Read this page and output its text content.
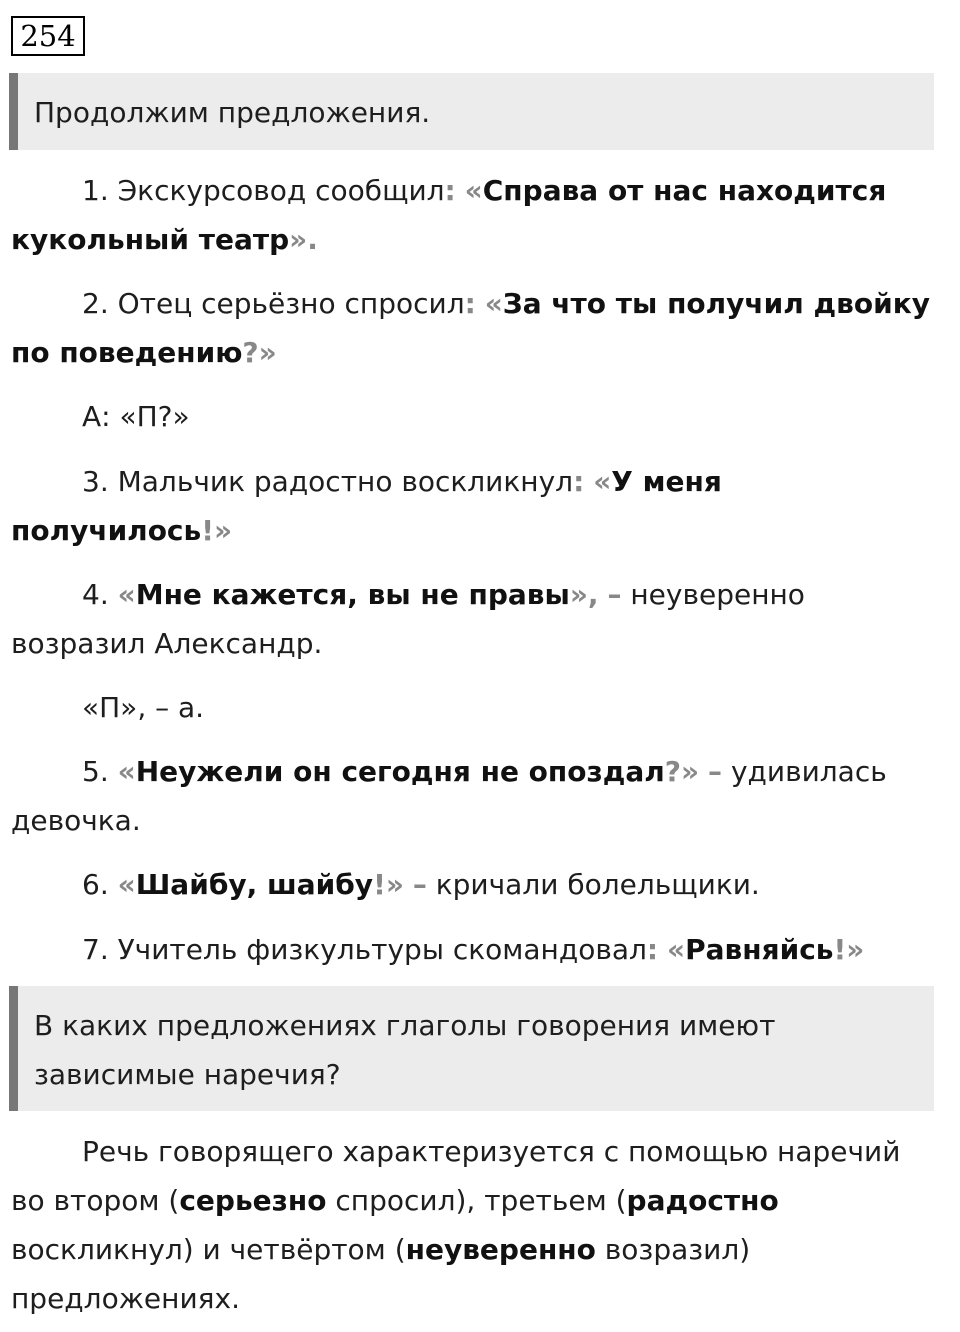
254
Продолжим предложения.
1. Экскурсовод сообщил: «Справа от нас находится
кукольный театр».
2. Отец серьёзно спросил: «За что ты получил двойку
по поведению?»
А: «П?»
3. Мальчик радостно воскликнул: «У меня
получилось!»
4. «Мне кажется, вы не правы», – неуверенно
возразил Александр.
«П», – а.
5. «Неужели он сегодня не опоздал?» – удивилась
девочка.
6. «Шайбу, шайбу!» – кричали болельщики.
7. Учитель физкультуры скомандовал: «Равняйсь!»
В каких предложениях глаголы говорения имеют
зависимые наречия?
Речь говорящего характеризуется с помощью наречий
во втором (серьезно спросил), третьем (радостно
воскликнул) и четвёртом (неуверенно возразил)
предложениях.
